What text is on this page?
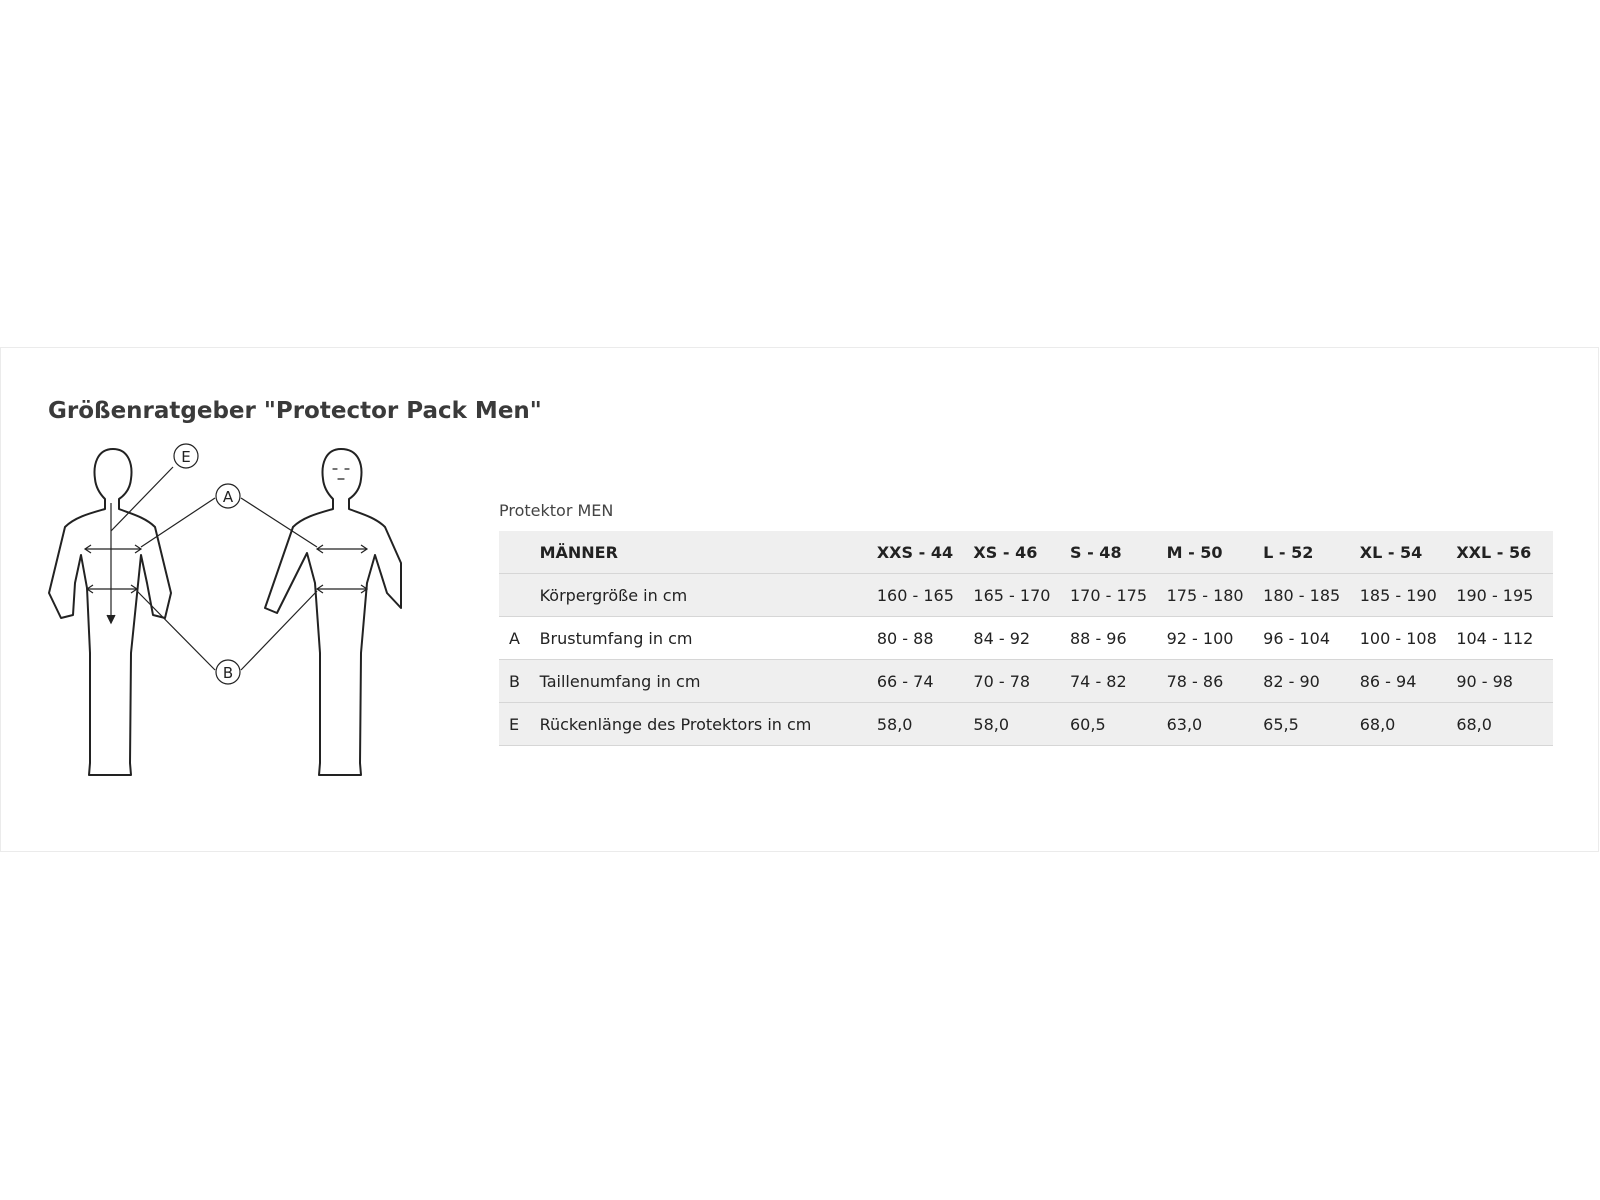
Größenratgeber "Protector Pack Men"
E
A
B
Protektor MEN
	MÄNNER	XXS - 44	XS - 46	S - 48	M - 50	L - 52	XL - 54	XXL - 56
	Körpergröße in cm	160 - 165	165 - 170	170 - 175	175 - 180	180 - 185	185 - 190	190 - 195
A	Brustumfang in cm	80 - 88	84 - 92	88 - 96	92 - 100	96 - 104	100 - 108	104 - 112
B	Taillenumfang in cm	66 - 74	70 - 78	74 - 82	78 - 86	82 - 90	86 - 94	90 - 98
E	Rückenlänge des Protektors in cm	58,0	58,0	60,5	63,0	65,5	68,0	68,0
